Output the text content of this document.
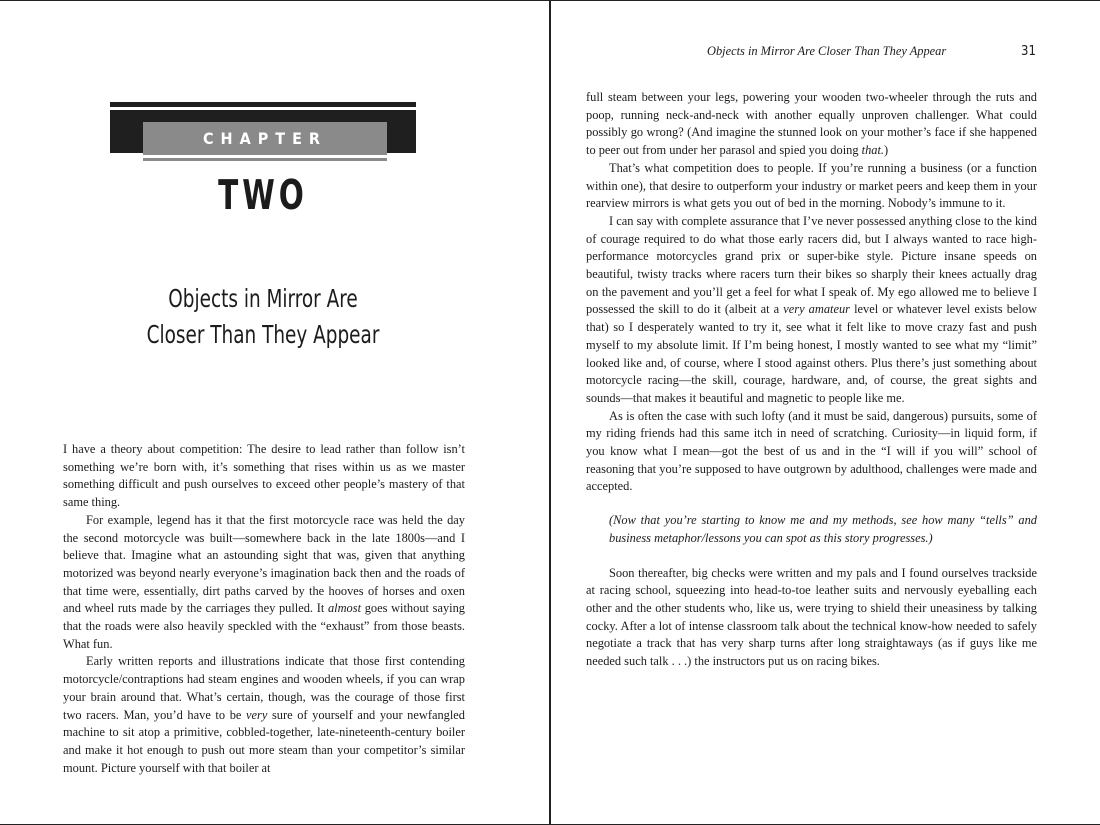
CHAPTER
TWO
Objects in Mirror Are
Closer Than They Appear

I have a theory about competition: The desire to lead rather than follow isn’t something we’re born with, it’s something that rises within us as we master something difficult and push ourselves to exceed other people’s mastery of that same thing.

For example, legend has it that the first motorcycle race was held the day the second motorcycle was built—somewhere back in the late 1800s—and I believe that. Imagine what an astounding sight that was, given that anything motorized was beyond nearly everyone’s imagination back then and the roads of that time were, essentially, dirt paths carved by the hooves of horses and oxen and wheel ruts made by the carriages they pulled. It almost goes without saying that the roads were also heavily speckled with the “exhaust” from those beasts. What fun.

Early written reports and illustrations indicate that those first contending motorcycle/contraptions had steam engines and wooden wheels, if you can wrap your brain around that. What’s certain, though, was the courage of those first two racers. Man, you’d have to be very sure of yourself and your newfangled machine to sit atop a primitive, cobbled-together, late-nineteenth-century boiler and make it hot enough to push out more steam than your competitor’s similar mount. Picture yourself with that boiler at

Objects in Mirror Are Closer Than They Appear	31

full steam between your legs, powering your wooden two-wheeler through the ruts and poop, running neck-and-neck with another equally unproven challenger. What could possibly go wrong? (And imagine the stunned look on your mother’s face if she happened to peer out from under her parasol and spied you doing that.)

That’s what competition does to people. If you’re running a business (or a function within one), that desire to outperform your industry or market peers and keep them in your rearview mirrors is what gets you out of bed in the morning. Nobody’s immune to it.

I can say with complete assurance that I’ve never possessed anything close to the kind of courage required to do what those early racers did, but I always wanted to race high-performance motorcycles grand prix or super-bike style. Picture insane speeds on beautiful, twisty tracks where racers turn their bikes so sharply their knees actually drag on the pavement and you’ll get a feel for what I speak of. My ego allowed me to believe I possessed the skill to do it (albeit at a very amateur level or whatever level exists below that) so I desperately wanted to try it, see what it felt like to move crazy fast and push myself to my absolute limit. If I’m being honest, I mostly wanted to see what my “limit” looked like and, of course, where I stood against others. Plus there’s just something about motorcycle racing—the skill, courage, hardware, and, of course, the great sights and sounds—that makes it beautiful and magnetic to people like me.

As is often the case with such lofty (and it must be said, dangerous) pursuits, some of my riding friends had this same itch in need of scratching. Curiosity—in liquid form, if you know what I mean—got the best of us and in the “I will if you will” school of reasoning that you’re supposed to have outgrown by adulthood, challenges were made and accepted.

(Now that you’re starting to know me and my methods, see how many “tells” and business metaphor/lessons you can spot as this story progresses.)

Soon thereafter, big checks were written and my pals and I found ourselves trackside at racing school, squeezing into head-to-toe leather suits and nervously eyeballing each other and the other students who, like us, were trying to shield their uneasiness by talking cocky. After a lot of intense classroom talk about the technical know-how needed to safely negotiate a track that has very sharp turns after long straightaways (as if guys like me needed such talk . . .) the instructors put us on racing bikes.
